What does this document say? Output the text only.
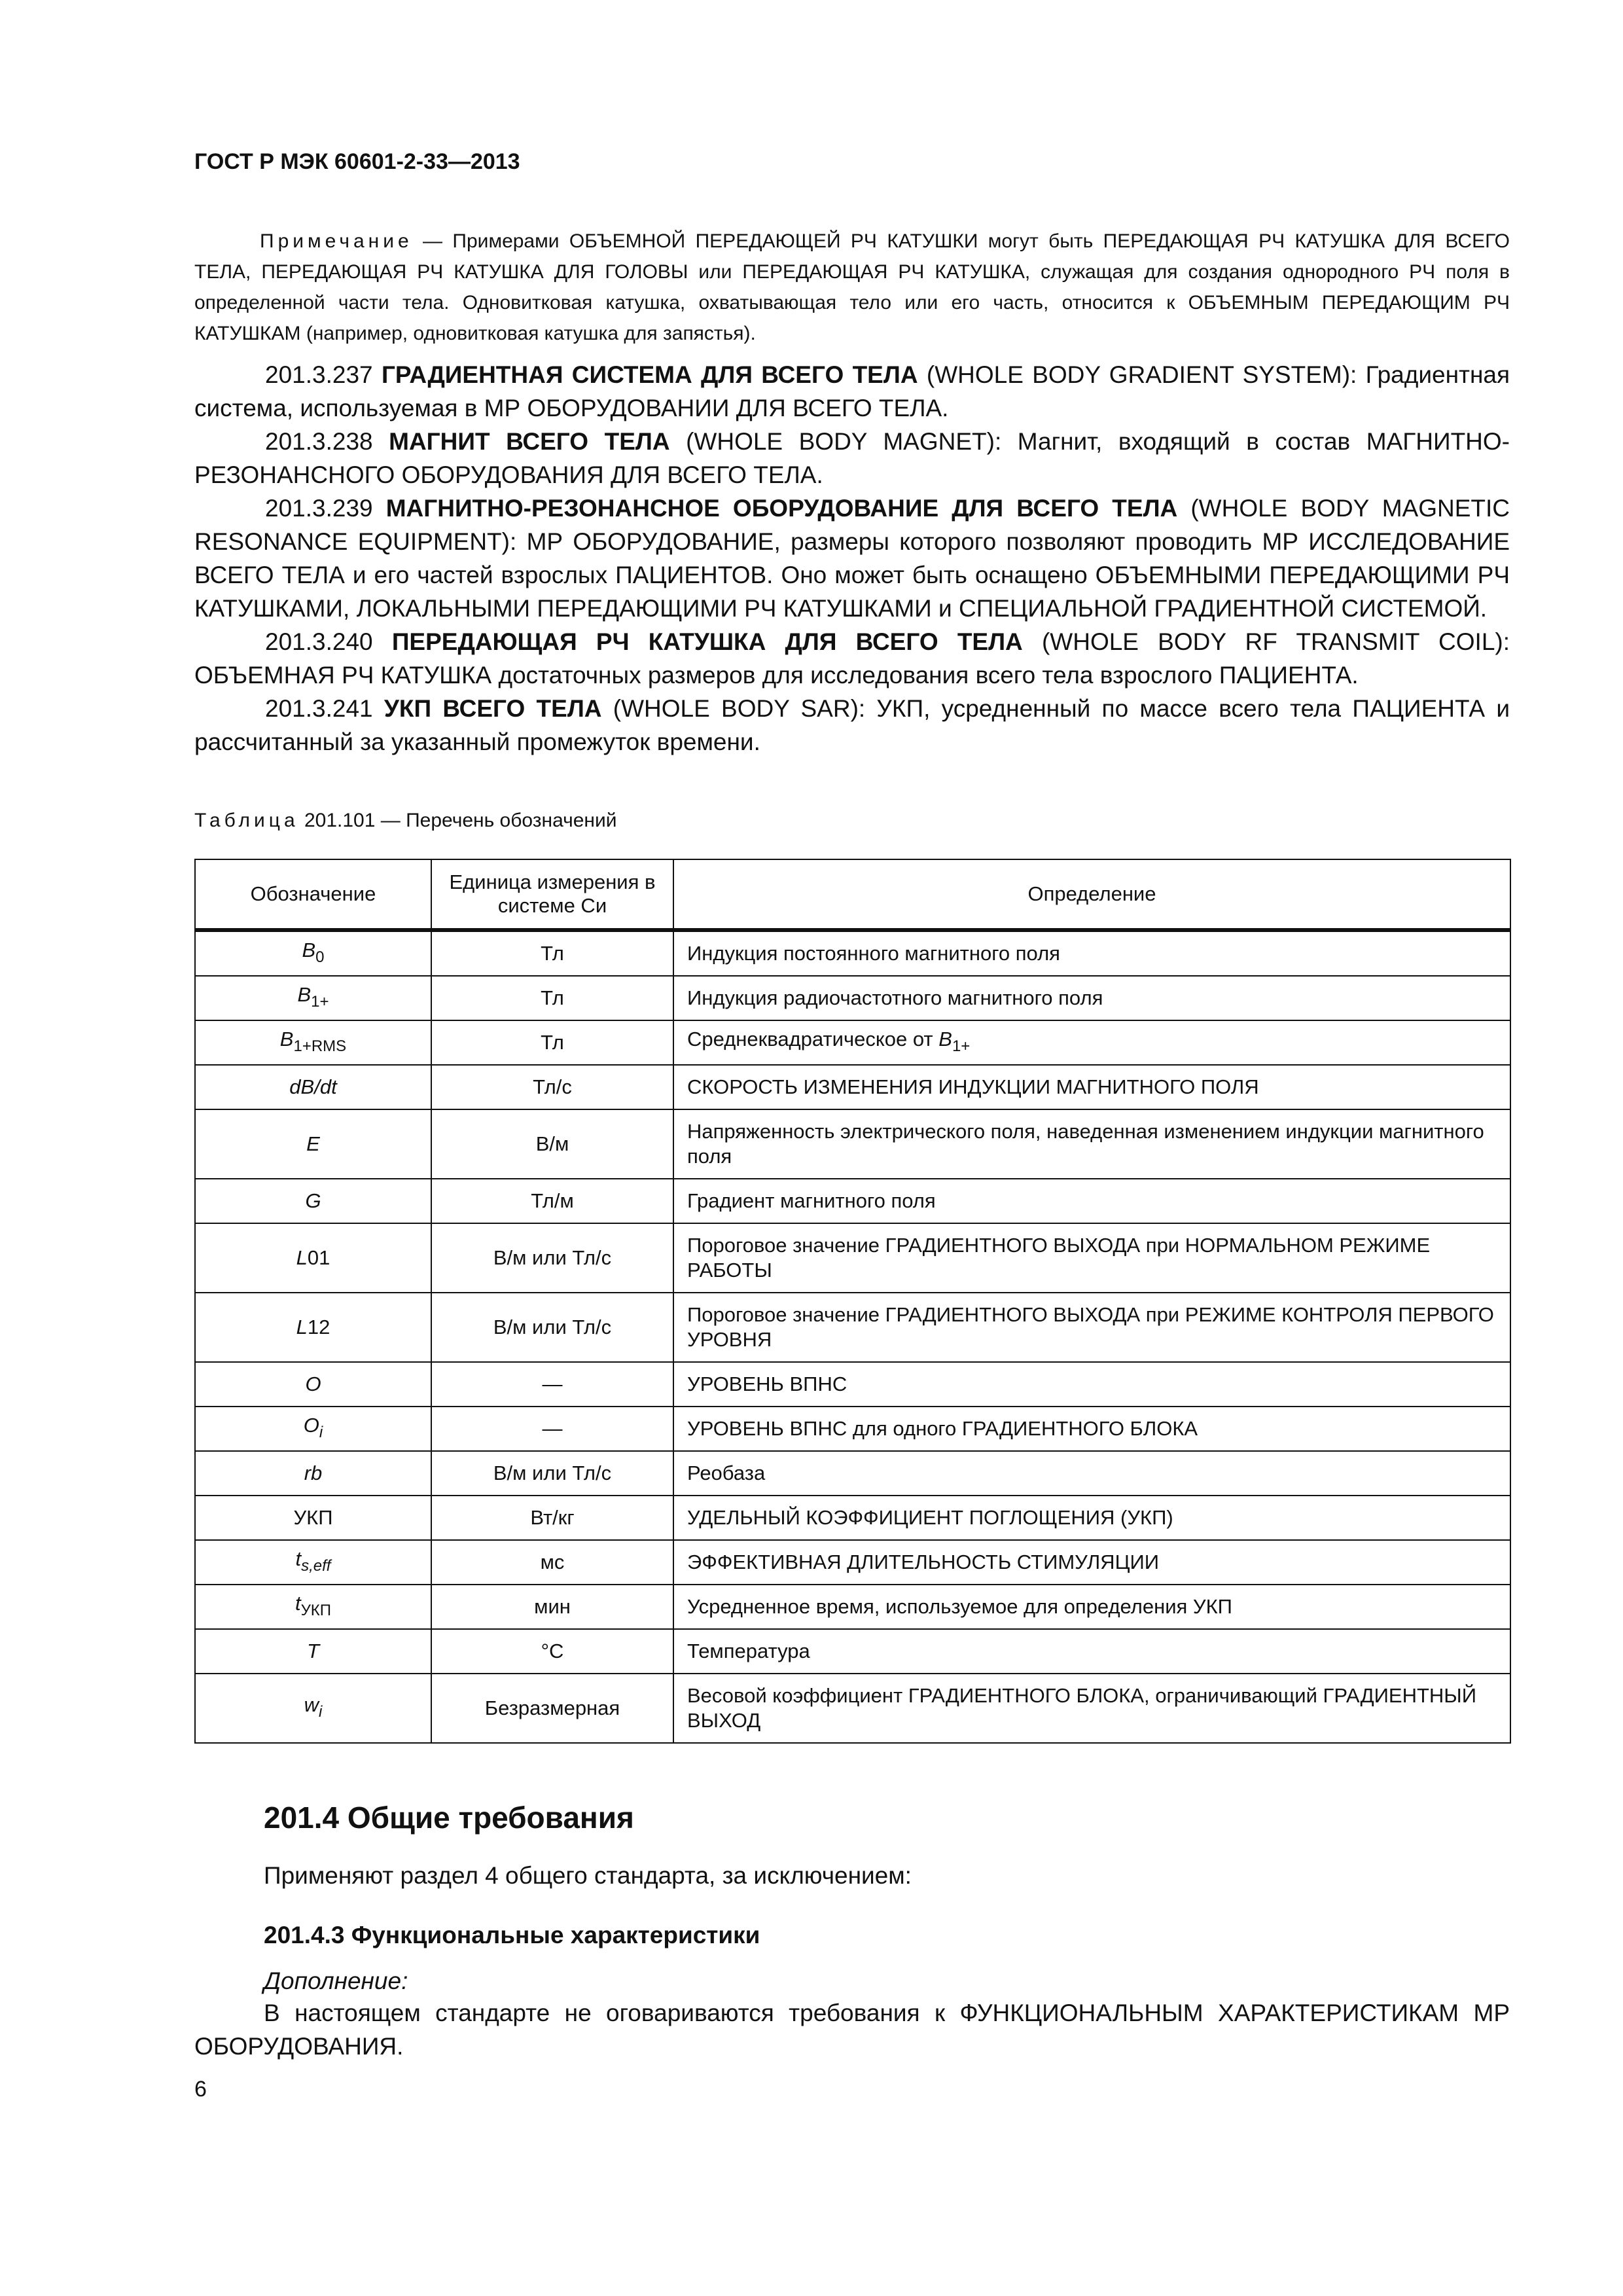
ГОСТ Р МЭК 60601-2-33—2013
Примечание — Примерами ОБЪЕМНОЙ ПЕРЕДАЮЩЕЙ РЧ КАТУШКИ могут быть ПЕРЕДАЮЩАЯ РЧ КАТУШКА ДЛЯ ВСЕГО ТЕЛА, ПЕРЕДАЮЩАЯ РЧ КАТУШКА ДЛЯ ГОЛОВЫ или ПЕРЕДАЮЩАЯ РЧ КАТУШКА, служащая для создания однородного РЧ поля в определенной части тела. Одновитковая катушка, охватывающая тело или его часть, относится к ОБЪЕМНЫМ ПЕРЕДАЮЩИМ РЧ КАТУШКАМ (например, одновитковая катушка для запястья).

201.3.237 ГРАДИЕНТНАЯ СИСТЕМА ДЛЯ ВСЕГО ТЕЛА (WHOLE BODY GRADIENT SYSTEM): Градиентная система, используемая в МР ОБОРУДОВАНИИ ДЛЯ ВСЕГО ТЕЛА.

201.3.238 МАГНИТ ВСЕГО ТЕЛА (WHOLE BODY MAGNET): Магнит, входящий в состав МАГНИТНО-РЕЗОНАНСНОГО ОБОРУДОВАНИЯ ДЛЯ ВСЕГО ТЕЛА.

201.3.239 МАГНИТНО-РЕЗОНАНСНОЕ ОБОРУДОВАНИЕ ДЛЯ ВСЕГО ТЕЛА (WHOLE BODY MAGNETIC RESONANCE EQUIPMENT): МР ОБОРУДОВАНИЕ, размеры которого позволяют проводить МР ИССЛЕДОВАНИЕ ВСЕГО ТЕЛА и его частей взрослых ПАЦИЕНТОВ. Оно может быть оснащено ОБЪЕМНЫМИ ПЕРЕДАЮЩИМИ РЧ КАТУШКАМИ, ЛОКАЛЬНЫМИ ПЕРЕДАЮЩИМИ РЧ КАТУШКАМИ и СПЕЦИАЛЬНОЙ ГРАДИЕНТНОЙ СИСТЕМОЙ.

201.3.240 ПЕРЕДАЮЩАЯ РЧ КАТУШКА ДЛЯ ВСЕГО ТЕЛА (WHOLE BODY RF TRANSMIT COIL): ОБЪЕМНАЯ РЧ КАТУШКА достаточных размеров для исследования всего тела взрослого ПАЦИЕНТА.

201.3.241 УКП ВСЕГО ТЕЛА (WHOLE BODY SAR): УКП, усредненный по массе всего тела ПАЦИЕНТА и рассчитанный за указанный промежуток времени.

Таблица 201.101 — Перечень обозначений
Обозначение	Единица измерения в системе Си	Определение
$B_0$	Тл	Индукция постоянного магнитного поля
$B_{1+}$	Тл	Индукция радиочастотного магнитного поля
$B_{1+RMS}$	Тл	Среднеквадратическое от $B_{1+}$
dB/dt	Тл/с	СКОРОСТЬ ИЗМЕНЕНИЯ ИНДУКЦИИ МАГНИТНОГО ПОЛЯ
E	В/м	Напряженность электрического поля, наведенная изменением индукции магнитного поля
G	Тл/м	Градиент магнитного поля
L01	В/м или Тл/с	Пороговое значение ГРАДИЕНТНОГО ВЫХОДА при НОРМАЛЬНОМ РЕЖИМЕ РАБОТЫ
L12	В/м или Тл/с	Пороговое значение ГРАДИЕНТНОГО ВЫХОДА при РЕЖИМЕ КОНТРОЛЯ ПЕРВОГО УРОВНЯ
O	—	УРОВЕНЬ ВПНС
$O_i$	—	УРОВЕНЬ ВПНС для одного ГРАДИЕНТНОГО БЛОКА
rb	В/м или Тл/с	Реобаза
УКП	Вт/кг	УДЕЛЬНЫЙ КОЭФФИЦИЕНТ ПОГЛОЩЕНИЯ (УКП)
$t_{s,eff}$	мс	ЭФФЕКТИВНАЯ ДЛИТЕЛЬНОСТЬ СТИМУЛЯЦИИ
$t_{УКП}$	мин	Усредненное время, используемое для определения УКП
T	°C	Температура
$w_i$	Безразмерная	Весовой коэффициент ГРАДИЕНТНОГО БЛОКА, ограничивающий ГРАДИЕНТНЫЙ ВЫХОД
201.4 Общие требования
Применяют раздел 4 общего стандарта, за исключением:
201.4.3 Функциональные характеристики
Дополнение:
В настоящем стандарте не оговариваются требования к ФУНКЦИОНАЛЬНЫМ ХАРАКТЕРИСТИКАМ МР ОБОРУДОВАНИЯ.
6
